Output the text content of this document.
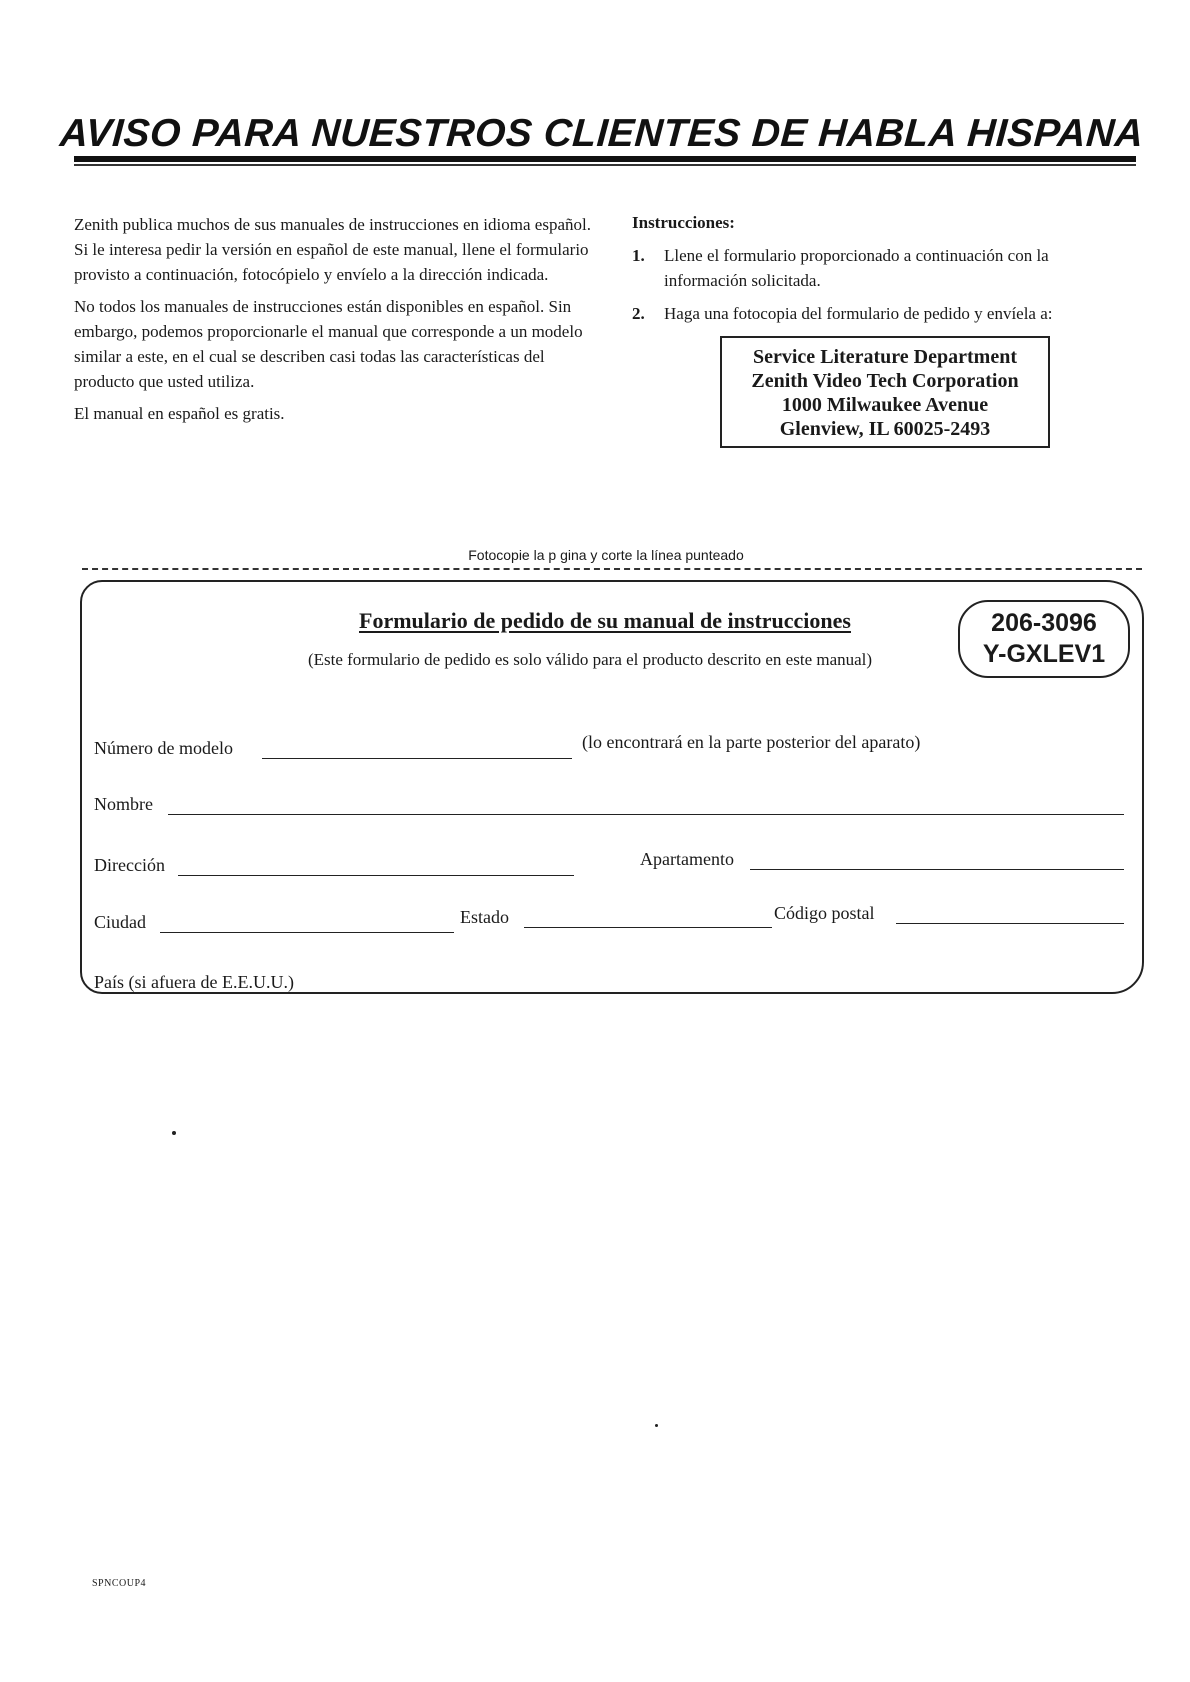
AVISO PARA NUESTROS CLIENTES DE HABLA HISPANA

Zenith publica muchos de sus manuales de instrucciones en idioma español. Si le interesa pedir la versión en español de este manual, llene el formulario provisto a continuación, fotocópielo y envíelo a la dirección indicada.

No todos los manuales de instrucciones están disponibles en español. Sin embargo, podemos proporcionarle el manual que corresponde a un modelo similar a este, en el cual se describen casi todas las características del producto que usted utiliza.

El manual en español es gratis.

Instrucciones:
1.	Llene el formulario proporcionado a continuación con la información solicitada.
2.	Haga una fotocopia del formulario de pedido y envíela a:
Service Literature Department
Zenith Video Tech Corporation
1000 Milwaukee Avenue
Glenview, IL 60025-2493
Fotocopie la p gina y corte la línea punteado
Formulario de pedido de su manual de instrucciones
(Este formulario de pedido es solo válido para el producto descrito en este manual)
206-3096
Y-GXLEV1
Número de modelo	(lo encontrará en la parte posterior del aparato)
Nombre
Dirección	Apartamento
Ciudad	Estado	Código postal
País (si afuera de E.E.U.U.)
SPNCOUP4
